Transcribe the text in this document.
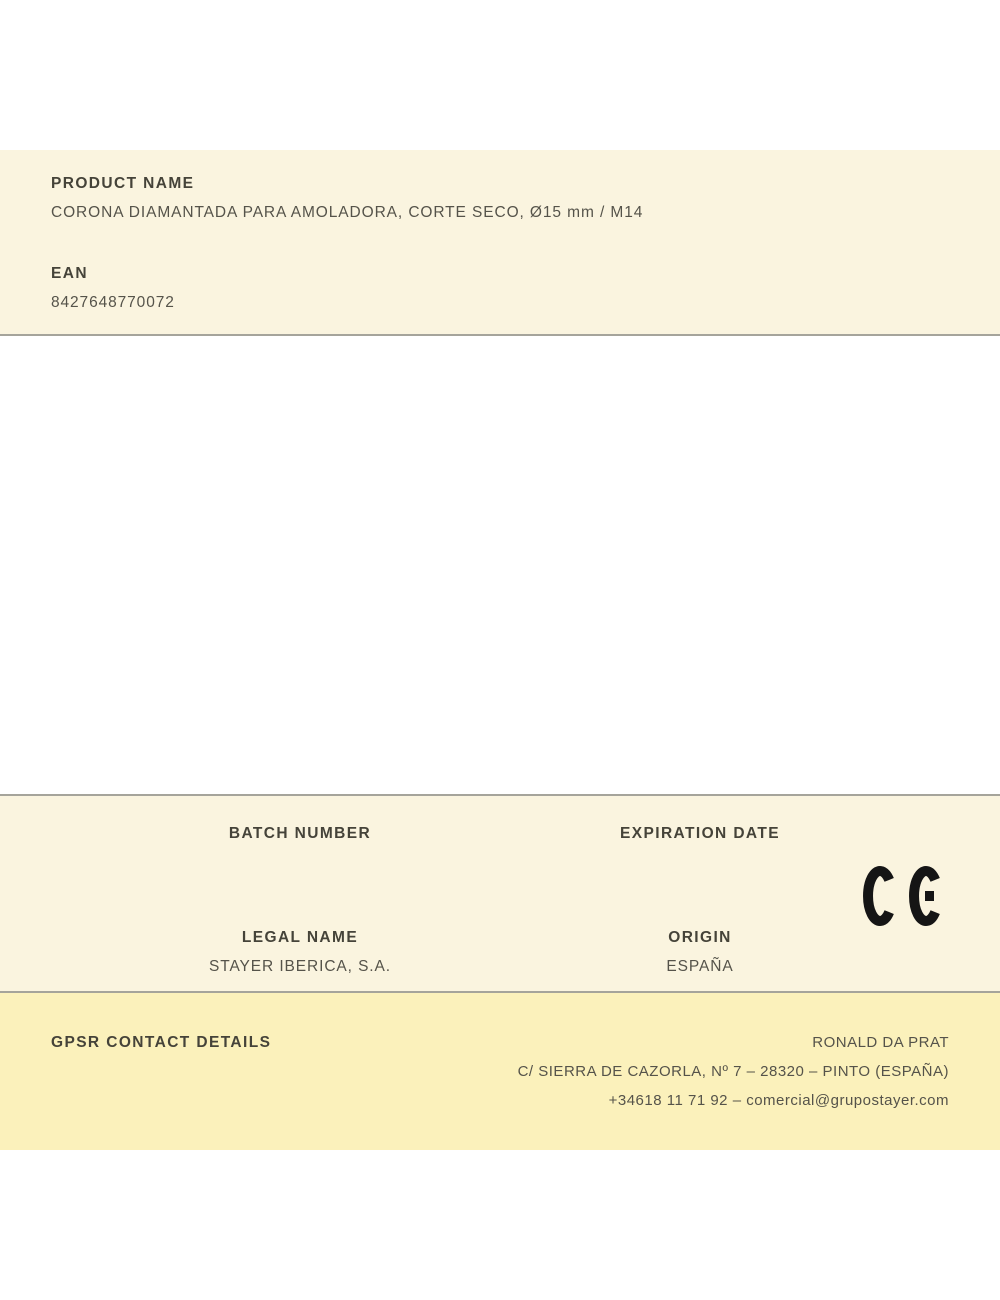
PRODUCT NAME
CORONA DIAMANTADA PARA AMOLADORA, CORTE SECO, Ø15 mm / M14
EAN
8427648770072
BATCH NUMBER	EXPIRATION DATE
LEGAL NAME
STAYER IBERICA, S.A.
ORIGIN
ESPAÑA
GPSR CONTACT DETAILS	RONALD DA PRAT
C/ SIERRA DE CAZORLA, Nº 7 – 28320 – PINTO (ESPAÑA)
+34618 11 71 92 – comercial@grupostayer.com
